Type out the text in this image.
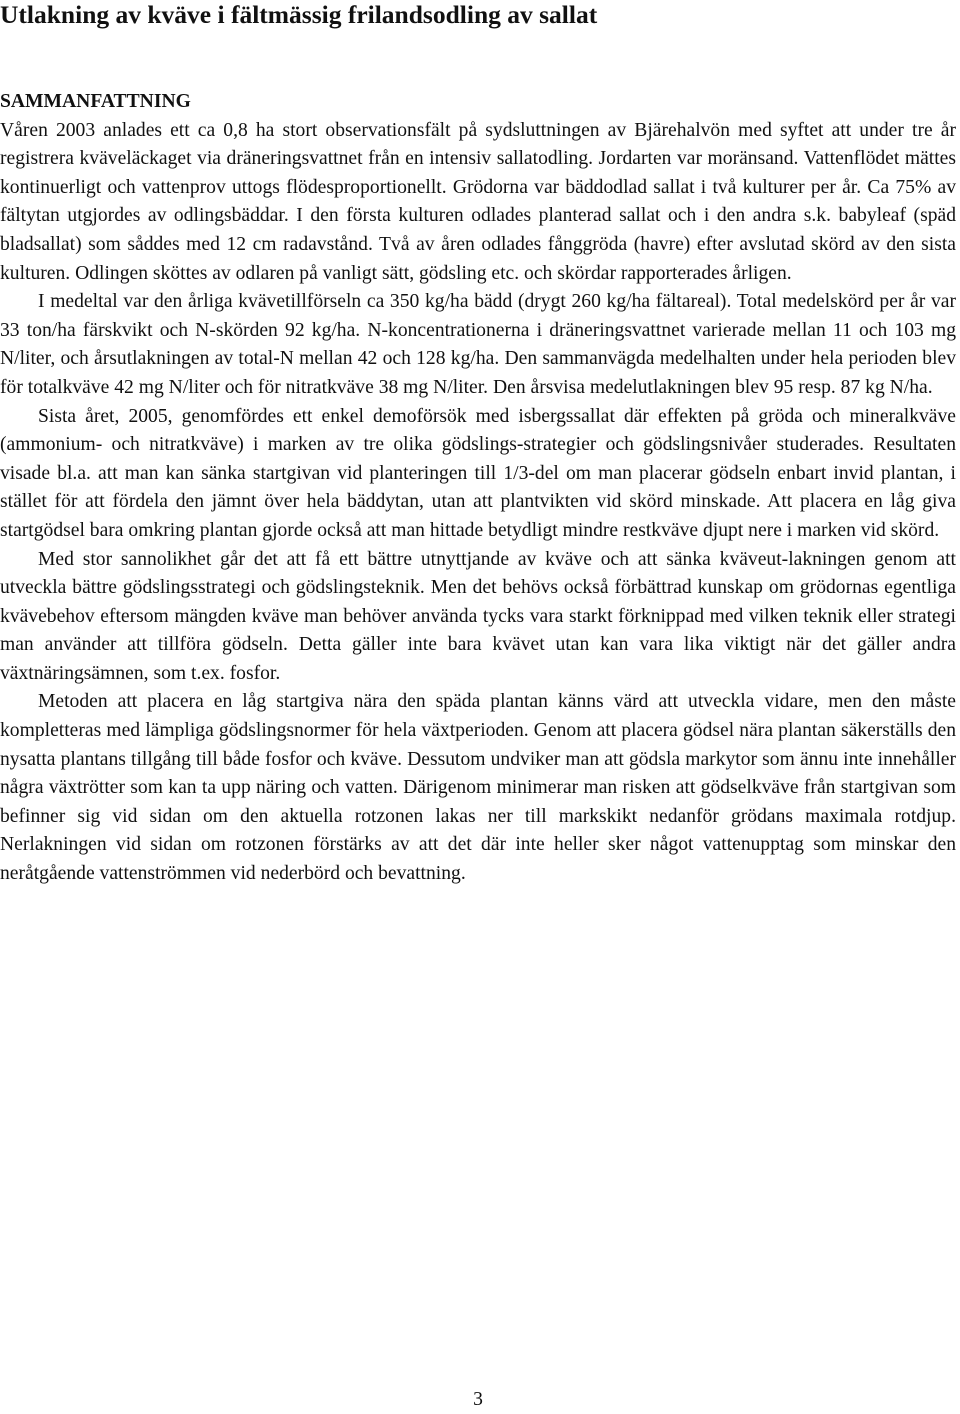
Utlakning av kväve i fältmässig frilandsodling av sallat
SAMMANFATTNING

Våren 2003 anlades ett ca 0,8 ha stort observationsfält på sydsluttningen av Bjärehalvön med syftet att under tre år registrera kväveläckaget via dräneringsvattnet från en intensiv sallatodling. Jordarten var moränsand. Vattenflödet mättes kontinuerligt och vattenprov uttogs flödesproportionellt. Grödorna var bäddodlad sallat i två kulturer per år. Ca 75% av fältytan utgjordes av odlingsbäddar. I den första kulturen odlades planterad sallat och i den andra s.k. babyleaf (späd bladsallat) som såddes med 12 cm radavstånd. Två av åren odlades fånggröda (havre) efter avslutad skörd av den sista kulturen. Odlingen sköttes av odlaren på vanligt sätt, gödsling etc. och skördar rapporterades årligen.

I medeltal var den årliga kvävetillförseln ca 350 kg/ha bädd (drygt 260 kg/ha fältareal). Total medelskörd per år var 33 ton/ha färskvikt och N-skörden 92 kg/ha. N-koncentrationerna i dräneringsvattnet varierade mellan 11 och 103 mg N/liter, och årsutlakningen av total-N mellan 42 och 128 kg/ha. Den sammanvägda medelhalten under hela perioden blev för totalkväve 42 mg N/liter och för nitratkväve 38 mg N/liter. Den årsvisa medelutlakningen blev 95 resp. 87 kg N/ha.

Sista året, 2005, genomfördes ett enkel demoförsök med isbergssallat där effekten på gröda och mineralkväve (ammonium- och nitratkväve) i marken av tre olika gödslings-strategier och gödslingsnivåer studerades. Resultaten visade bl.a. att man kan sänka startgivan vid planteringen till 1/3-del om man placerar gödseln enbart invid plantan, i stället för att fördela den jämnt över hela bäddytan, utan att plantvikten vid skörd minskade. Att placera en låg giva startgödsel bara omkring plantan gjorde också att man hittade betydligt mindre restkväve djupt nere i marken vid skörd.

Med stor sannolikhet går det att få ett bättre utnyttjande av kväve och att sänka kväveut-lakningen genom att utveckla bättre gödslingsstrategi och gödslingsteknik. Men det behövs också förbättrad kunskap om grödornas egentliga kvävebehov eftersom mängden kväve man behöver använda tycks vara starkt förknippad med vilken teknik eller strategi man använder att tillföra gödseln. Detta gäller inte bara kvävet utan kan vara lika viktigt när det gäller andra växtnäringsämnen, som t.ex. fosfor.

Metoden att placera en låg startgiva nära den späda plantan känns värd att utveckla vidare, men den måste kompletteras med lämpliga gödslingsnormer för hela växtperioden. Genom att placera gödsel nära plantan säkerställs den nysatta plantans tillgång till både fosfor och kväve. Dessutom undviker man att gödsla markytor som ännu inte innehåller några växtrötter som kan ta upp näring och vatten. Därigenom minimerar man risken att gödselkväve från startgivan som befinner sig vid sidan om den aktuella rotzonen lakas ner till markskikt nedanför grödans maximala rotdjup. Nerlakningen vid sidan om rotzonen förstärks av att det där inte heller sker något vattenupptag som minskar den neråtgående vattenströmmen vid nederbörd och bevattning.

3
